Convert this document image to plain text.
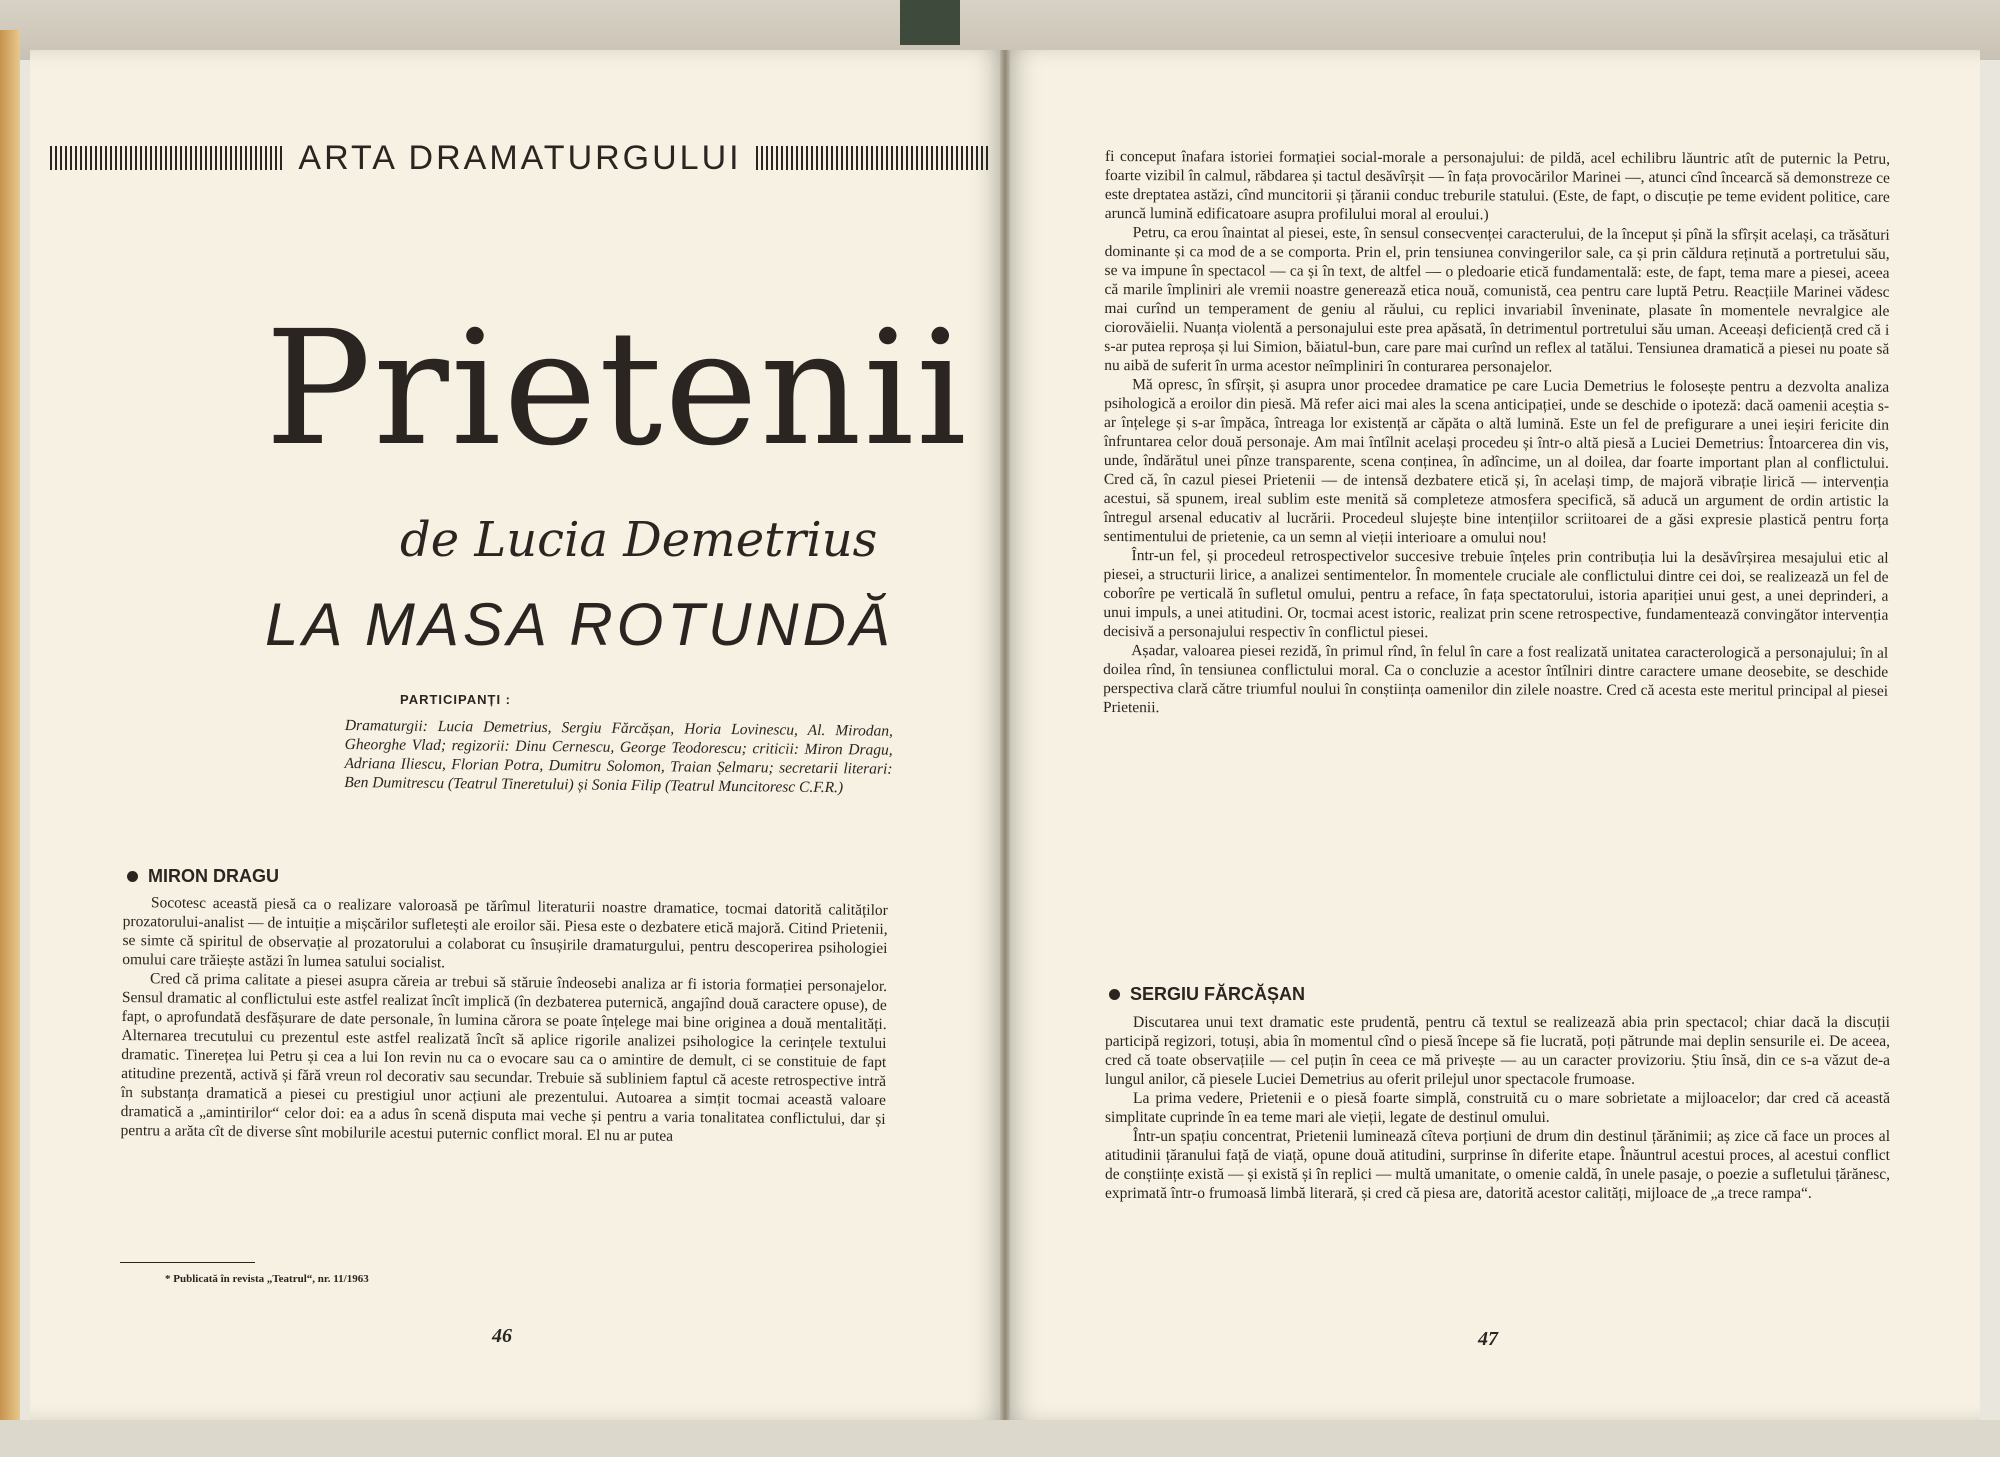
ARTA DRAMATURGULUI
Prietenii
de Lucia Demetrius
LA MASA ROTUNDĂ
PARTICIPANȚI :
Dramaturgii: Lucia Demetrius, Sergiu Fărcășan, Horia Lovinescu, Al. Mirodan, Gheorghe Vlad; regizorii: Dinu Cernescu, George Teodorescu; criticii: Miron Dragu, Adriana Iliescu, Florian Potra, Dumitru Solomon, Traian Șelmaru; secretarii literari: Ben Dumitrescu (Teatrul Tineretului) și Sonia Filip (Teatrul Muncitoresc C.F.R.)
MIRON DRAGU

Socotesc această piesă ca o realizare valoroasă pe tărîmul literaturii noastre dramatice, tocmai datorită calităților prozatorului-analist — de intuiție a mișcărilor sufletești ale eroilor săi. Piesa este o dezbatere etică majoră. Citind Prietenii, se simte că spiritul de observație al prozatorului a colaborat cu însușirile dramaturgului, pentru descoperirea psihologiei omului care trăiește astăzi în lumea satului socialist.

Cred că prima calitate a piesei asupra căreia ar trebui să stăruie îndeosebi analiza ar fi istoria formației personajelor. Sensul dramatic al conflictului este astfel realizat încît implică (în dezbaterea puternică, angajînd două caractere opuse), de fapt, o aprofundată desfășurare de date personale, în lumina cărora se poate înțelege mai bine originea a două mentalități. Alternarea trecutului cu prezentul este astfel realizată încît să aplice rigorile analizei psihologice la cerințele textului dramatic. Tinerețea lui Petru și cea a lui Ion revin nu ca o evocare sau ca o amintire de demult, ci se constituie de fapt atitudine prezentă, activă și fără vreun rol decorativ sau secundar. Trebuie să subliniem faptul că aceste retrospective intră în substanța dramatică a piesei cu prestigiul unor acțiuni ale prezentului. Autoarea a simțit tocmai această valoare dramatică a „amintirilor“ celor doi: ea a adus în scenă disputa mai veche și pentru a varia tonalitatea conflictului, dar și pentru a arăta cît de diverse sînt mobilurile acestui puternic conflict moral. El nu ar putea

* Publicată în revista „Teatrul“, nr. 11/1963
46

fi conceput înafara istoriei formației social-morale a personajului: de pildă, acel echilibru lăuntric atît de puternic la Petru, foarte vizibil în calmul, răbdarea și tactul desăvîrșit — în fața provocărilor Marinei —, atunci cînd încearcă să demonstreze ce este dreptatea astăzi, cînd muncitorii și țăranii conduc treburile statului. (Este, de fapt, o discuție pe teme evident politice, care aruncă lumină edificatoare asupra profilului moral al eroului.)

Petru, ca erou înaintat al piesei, este, în sensul consecvenței caracterului, de la început și pînă la sfîrșit același, ca trăsături dominante și ca mod de a se comporta. Prin el, prin tensiunea convingerilor sale, ca și prin căldura reținută a portretului său, se va impune în spectacol — ca și în text, de altfel — o pledoarie etică fundamentală: este, de fapt, tema mare a piesei, aceea că marile împliniri ale vremii noastre generează etica nouă, comunistă, cea pentru care luptă Petru. Reacțiile Marinei vădesc mai curînd un temperament de geniu al răului, cu replici invariabil înveninate, plasate în momentele nevralgice ale ciorovăielii. Nuanța violentă a personajului este prea apăsată, în detrimentul portretului său uman. Aceeași deficiență cred că i s-ar putea reproșa și lui Simion, băiatul-bun, care pare mai curînd un reflex al tatălui. Tensiunea dramatică a piesei nu poate să nu aibă de suferit în urma acestor neîmpliniri în conturarea personajelor.

Mă opresc, în sfîrșit, și asupra unor procedee dramatice pe care Lucia Demetrius le folosește pentru a dezvolta analiza psihologică a eroilor din piesă. Mă refer aici mai ales la scena anticipației, unde se deschide o ipoteză: dacă oamenii aceștia s-ar înțelege și s-ar împăca, întreaga lor existență ar căpăta o altă lumină. Este un fel de prefigurare a unei ieșiri fericite din înfruntarea celor două personaje. Am mai întîlnit același procedeu și într-o altă piesă a Luciei Demetrius: Întoarcerea din vis, unde, îndărătul unei pînze transparente, scena conținea, în adîncime, un al doilea, dar foarte important plan al conflictului. Cred că, în cazul piesei Prietenii — de intensă dezbatere etică și, în același timp, de majoră vibrație lirică — intervenția acestui, să spunem, ireal sublim este menită să completeze atmosfera specifică, să aducă un argument de ordin artistic la întregul arsenal educativ al lucrării. Procedeul slujește bine intențiilor scriitoarei de a găsi expresie plastică pentru forța sentimentului de prietenie, ca un semn al vieții interioare a omului nou!

Într-un fel, și procedeul retrospectivelor succesive trebuie înțeles prin contribuția lui la desăvîrșirea mesajului etic al piesei, a structurii lirice, a analizei sentimentelor. În momentele cruciale ale conflictului dintre cei doi, se realizează un fel de coborîre pe verticală în sufletul omului, pentru a reface, în fața spectatorului, istoria apariției unui gest, a unei deprinderi, a unui impuls, a unei atitudini. Or, tocmai acest istoric, realizat prin scene retrospective, fundamentează convingător intervenția decisivă a personajului respectiv în conflictul piesei.

Așadar, valoarea piesei rezidă, în primul rînd, în felul în care a fost realizată unitatea caracterologică a personajului; în al doilea rînd, în tensiunea conflictului moral. Ca o concluzie a acestor întîlniri dintre caractere umane deosebite, se deschide perspectiva clară către triumful noului în conștiința oamenilor din zilele noastre. Cred că acesta este meritul principal al piesei Prietenii.

SERGIU FĂRCĂȘAN

Discutarea unui text dramatic este prudentă, pentru că textul se realizează abia prin spectacol; chiar dacă la discuții participă regizori, totuși, abia în momentul cînd o piesă începe să fie lucrată, poți pătrunde mai deplin sensurile ei. De aceea, cred că toate observațiile — cel puțin în ceea ce mă privește — au un caracter provizoriu. Știu însă, din ce s-a văzut de-a lungul anilor, că piesele Luciei Demetrius au oferit prilejul unor spectacole frumoase.

La prima vedere, Prietenii e o piesă foarte simplă, construită cu o mare sobrietate a mijloacelor; dar cred că această simplitate cuprinde în ea teme mari ale vieții, legate de destinul omului.

Într-un spațiu concentrat, Prietenii luminează cîteva porțiuni de drum din destinul țărănimii; aș zice că face un proces al atitudinii țăranului față de viață, opune două atitudini, surprinse în diferite etape. Înăuntrul acestui proces, al acestui conflict de conștiințe există — și există și în replici — multă umanitate, o omenie caldă, în unele pasaje, o poezie a sufletului țărănesc, exprimată într-o frumoasă limbă literară, și cred că piesa are, datorită acestor calități, mijloace de „a trece rampa“.

47
